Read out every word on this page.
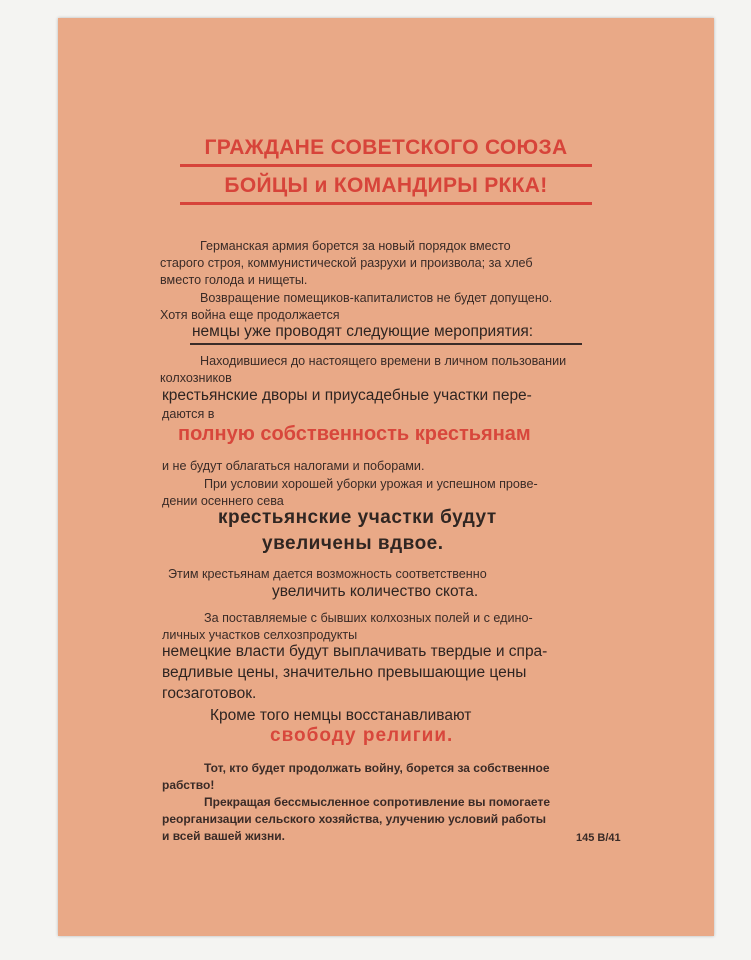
ГРАЖДАНЕ СОВЕТСКОГО СОЮЗА
БОЙЦЫ и КОМАНДИРЫ РККА!
Германская армия борется за новый порядок вместо
старого строя, коммунистической разрухи и произвола; за хлеб
вместо голода и нищеты.
Возвращение помещиков-капиталистов не будет допущено.
Хотя война еще продолжается
немцы уже проводят следующие мероприятия:
Находившиеся до настоящего времени в личном пользовании
колхозников
крестьянские дворы и приусадебные участки пере-
даются в
полную собственность крестьянам
и не будут облагаться налогами и поборами.
При условии хорошей уборки урожая и успешном прове-
дении осеннего сева
крестьянские участки будут
увеличены вдвое.
Этим крестьянам дается возможность соответственно
увеличить количество скота.
За поставляемые с бывших колхозных полей и с едино-
личных участков селхозпродукты
немецкие власти будут выплачивать твердые и спра-
ведливые цены, значительно превышающие цены
госзаготовок.
Кроме того немцы восстанавливают
свободу религии.
Тот, кто будет продолжать войну, борется за собственное
рабство!
Прекращая бессмысленное сопротивление вы помогаете
реорганизации сельского хозяйства, улучению условий работы
и всей вашей жизни.	145 В/41
